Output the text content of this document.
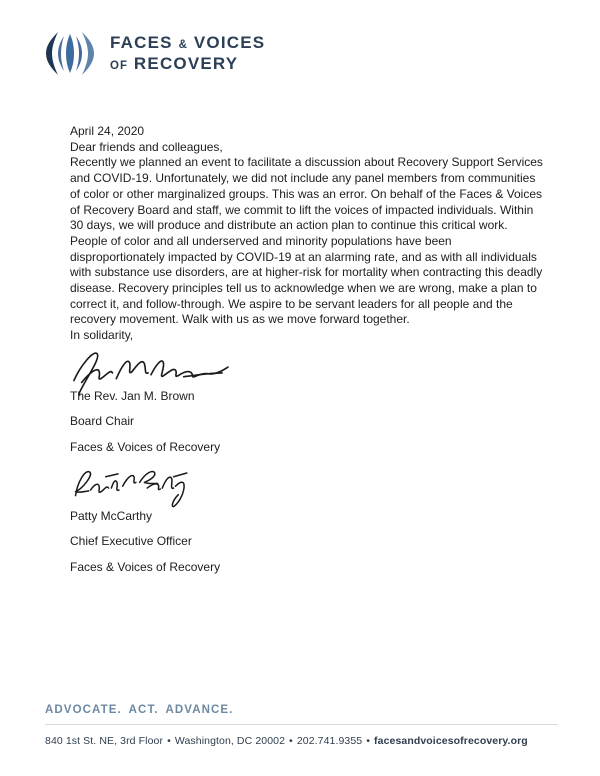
FACES & VOICES
OF RECOVERY

April 24, 2020

Dear friends and colleagues,

Recently we planned an event to facilitate a discussion about Recovery Support Services and COVID-19. Unfortunately, we did not include any panel members from communities of color or other marginalized groups. This was an error. On behalf of the Faces & Voices of Recovery Board and staff, we commit to lift the voices of impacted individuals. Within 30 days, we will produce and distribute an action plan to continue this critical work. People of color and all underserved and minority populations have been disproportionately impacted by COVID-19 at an alarming rate, and as with all individuals with substance use disorders, are at higher-risk for mortality when contracting this deadly disease. Recovery principles tell us to acknowledge when we are wrong, make a plan to correct it, and follow-through. We aspire to be servant leaders for all people and the recovery movement. Walk with us as we move forward together.

In solidarity,

The Rev. Jan M. Brown

Board Chair

Faces & Voices of Recovery

Patty McCarthy

Chief Executive Officer

Faces & Voices of Recovery

ADVOCATE. ACT. ADVANCE.
840 1st St. NE, 3rd Floor • Washington, DC 20002 • 202.741.9355 • facesandvoicesofrecovery.org
